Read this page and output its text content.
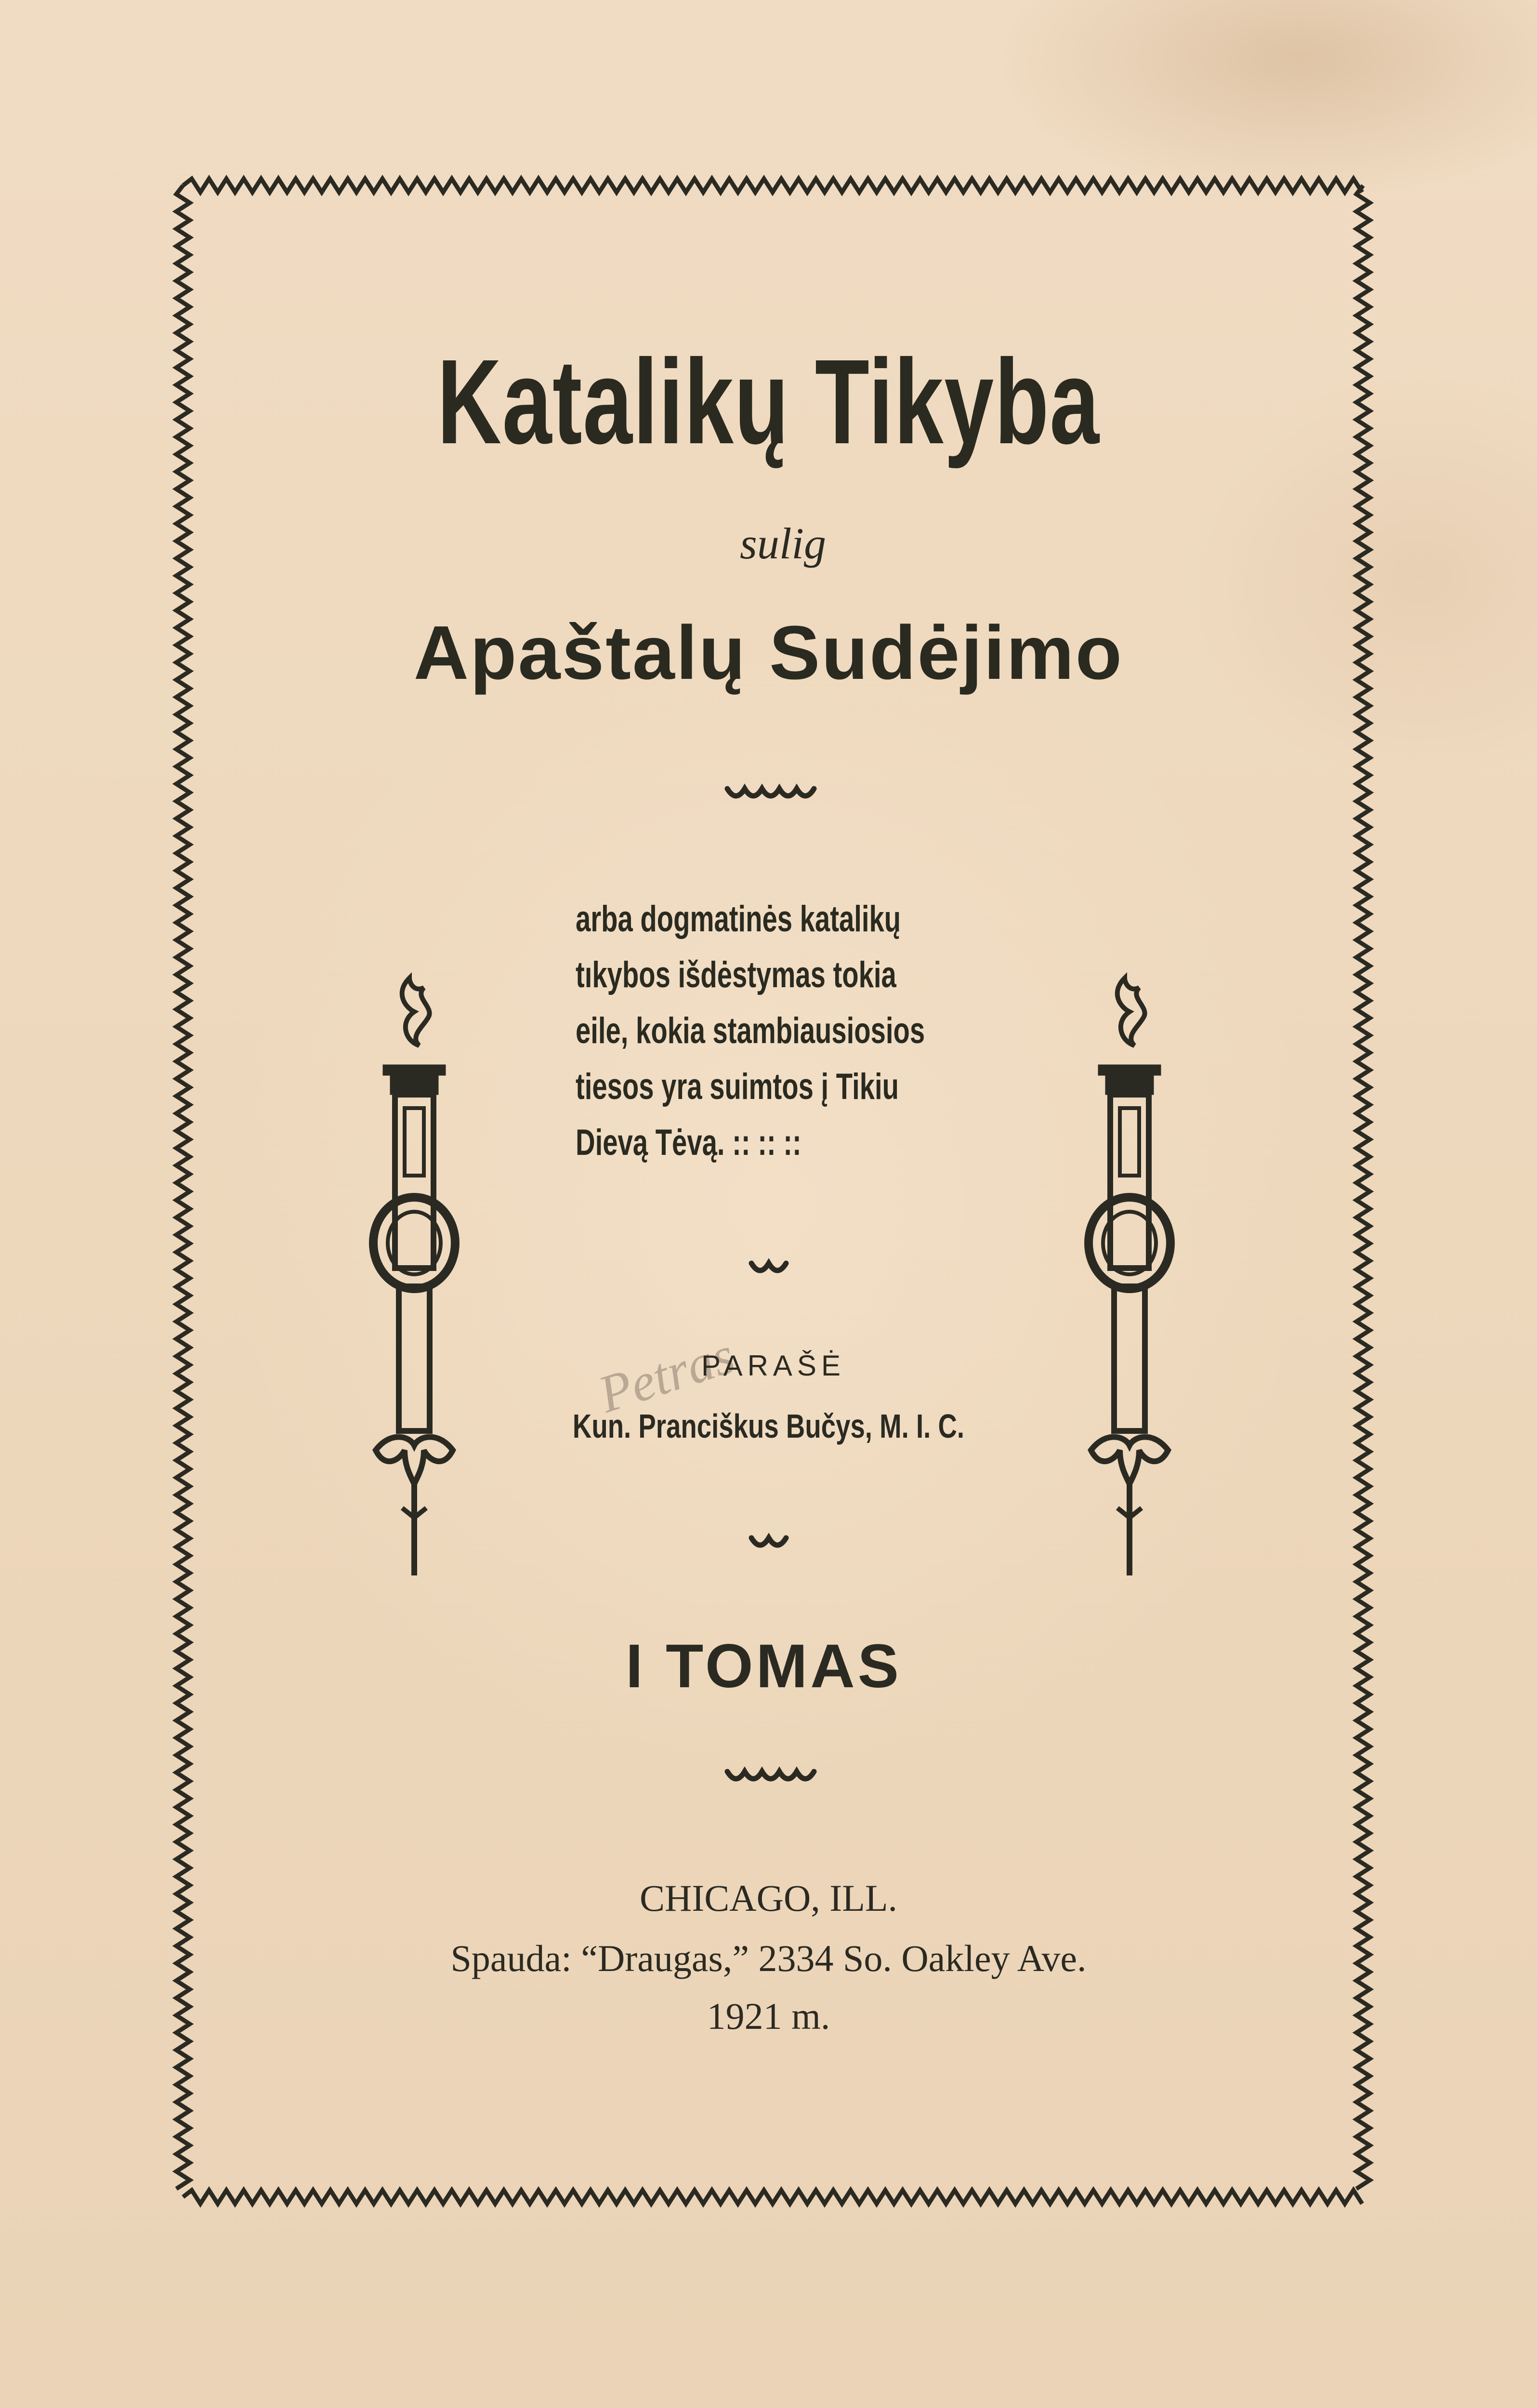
Katalikų Tikyba
sulig
Apaštalų Sudėjimo
arba dogmatinės katalikų
tıkybos išdėstymas tokia
eile, kokia stambiausiosios
tiesos yra suimtos į Tikiu
Dievą Tėvą. :: :: ::
Petras
PARAŠĖ
Kun. Pranciškus Bučys, M. I. C.
I TOMAS
CHICAGO, ILL.
Spauda: “Draugas,” 2334 So. Oakley Ave.
1921 m.
